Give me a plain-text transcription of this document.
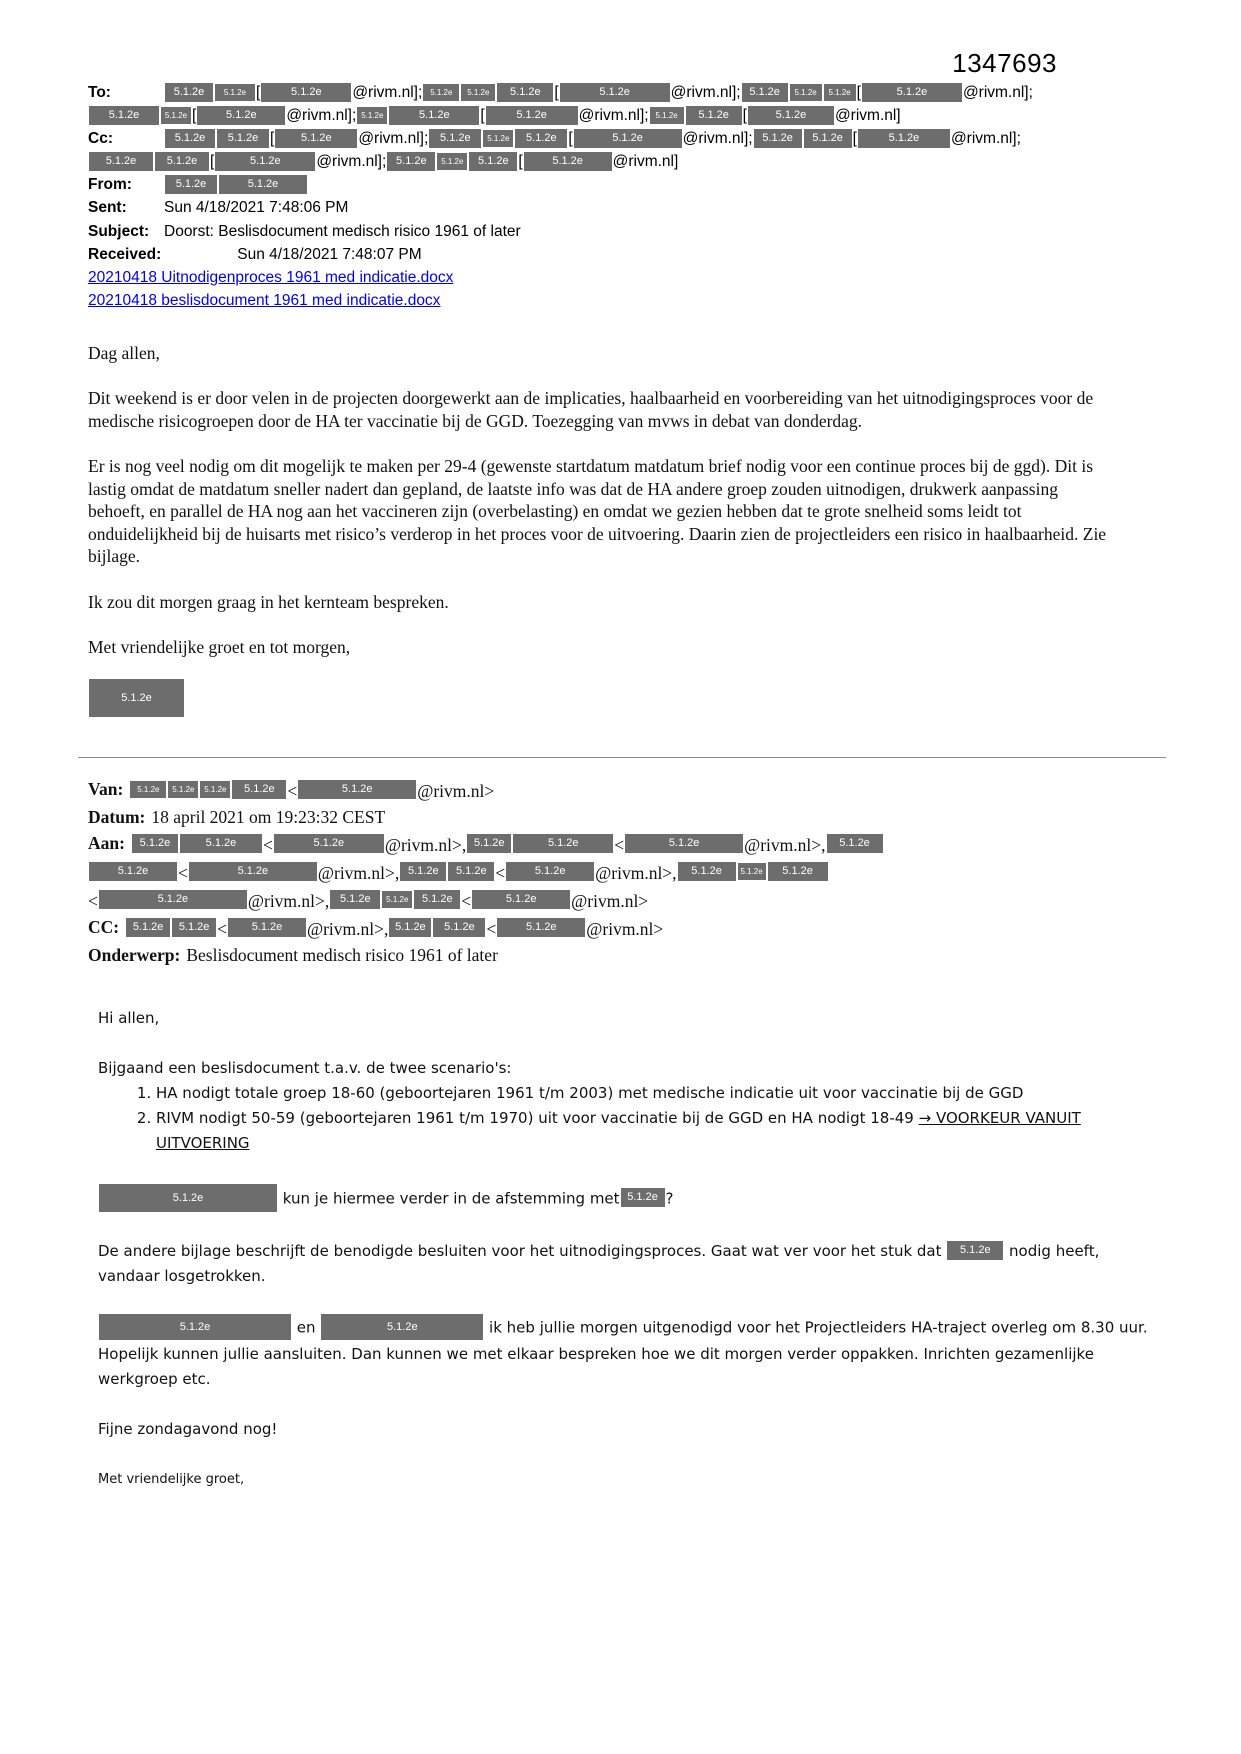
1347693
To:	5.1.2e 5.1.2e [	5.1.2e @rivm.nl]; 5.1.2e 5.1.2e 5.1.2e [	5.1.2e	@rivm.nl]; 5.1.2e 5.1.2e 5.1.2e [	5.1.2e @rivm.nl];
5.1.2e	5.1.2e [	5.1.2e @rivm.nl]; 5.1.2e	5.1.2e [	5.1.2e @rivm.nl]; 5.1.2e 5.1.2e [	5.1.2e @rivm.nl]
Cc:	5.1.2e 5.1.2e [ 5.1.2e @rivm.nl]; 5.1.2e 5.1.2e 5.1.2e [	5.1.2e	@rivm.nl]; 5.1.2e 5.1.2e [	5.1.2e @rivm.nl];
5.1.2e	5.1.2e [	5.1.2e @rivm.nl]; 5.1.2e 5.1.2e 5.1.2e [	5.1.2e @rivm.nl]
From:	5.1.2e	5.1.2e
Sent: Sun 4/18/2021 7:48:06 PM
Subject: Doorst: Beslisdocument medisch risico 1961 of later
Received:	Sun 4/18/2021 7:48:07 PM
20210418 Uitnodigenproces 1961 med indicatie.docx
20210418 beslisdocument 1961 med indicatie.docx

Dag allen,

Dit weekend is er door velen in de projecten doorgewerkt aan de implicaties, haalbaarheid en voorbereiding van het uitnodigingsproces voor de medische risicogroepen door de HA ter vaccinatie bij de GGD. Toezegging van mvws in debat van donderdag.

Er is nog veel nodig om dit mogelijk te maken per 29-4 (gewenste startdatum matdatum brief nodig voor een continue proces bij de ggd). Dit is lastig omdat de matdatum sneller nadert dan gepland, de laatste info was dat de HA andere groep zouden uitnodigen, drukwerk aanpassing behoeft, en parallel de HA nog aan het vaccineren zijn (overbelasting) en omdat we gezien hebben dat te grote snelheid soms leidt tot onduidelijkheid bij de huisarts met risico’s verderop in het proces voor de uitvoering. Daarin zien de projectleiders een risico in haalbaarheid. Zie bijlage.

Ik zou dit morgen graag in het kernteam bespreken.

Met vriendelijke groet en tot morgen,

5.1.2e
Van: 5.1.2e 5.1.2e 5.1.2e 5.1.2e <	5.1.2e	@rivm.nl>
Datum: 18 april 2021 om 19:23:32 CEST
Aan: 5.1.2e	5.1.2e <	5.1.2e @rivm.nl>, 5.1.2e	5.1.2e <	5.1.2e	@rivm.nl>, 5.1.2e
5.1.2e <	5.1.2e	@rivm.nl>, 5.1.2e 5.1.2e <	5.1.2e @rivm.nl>, 5.1.2e 5.1.2e 5.1.2e
<	5.1.2e	@rivm.nl>, 5.1.2e 5.1.2e 5.1.2e <	5.1.2e @rivm.nl>
CC: 5.1.2e 5.1.2e < 5.1.2e @rivm.nl>, 5.1.2e 5.1.2e <	5.1.2e @rivm.nl>
Onderwerp: Beslisdocument medisch risico 1961 of later

Hi allen,

Bijgaand een beslisdocument t.a.v. de twee scenario's:

1. HA nodigt totale groep 18-60 (geboortejaren 1961 t/m 2003) met medische indicatie uit voor vaccinatie bij de GGD
2. RIVM nodigt 50-59 (geboortejaren 1961 t/m 1970) uit voor vaccinatie bij de GGD en HA nodigt 18-49 → VOORKEUR VANUIT UITVOERING
5.1.2e	kun je hiermee verder in de afstemming met 5.1.2e ?

De andere bijlage beschrijft de benodigde besluiten voor het uitnodigingsproces. Gaat wat ver voor het stuk dat 5.1.2e nodig heeft, vandaar losgetrokken.

5.1.2e	en	5.1.2e	ik heb jullie morgen uitgenodigd voor het Projectleiders HA-traject overleg om 8.30 uur. Hopelijk kunnen jullie aansluiten. Dan kunnen we met elkaar bespreken hoe we dit morgen verder oppakken. Inrichten gezamenlijke werkgroep etc.

Fijne zondagavond nog!

Met vriendelijke groet,
